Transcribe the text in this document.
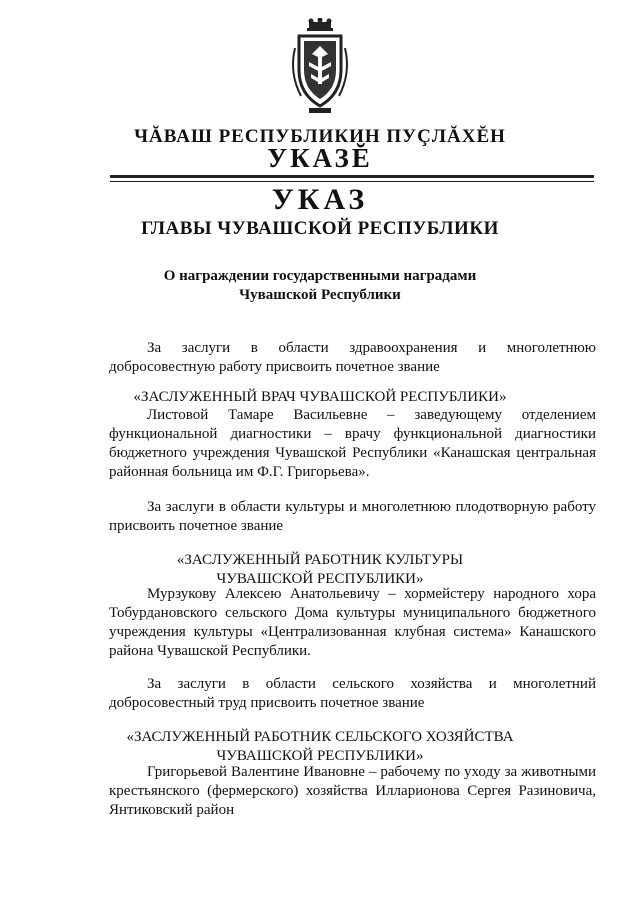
ЧĂВАШ РЕСПУБЛИКИН ПУÇЛĂХĔН
УКАЗĔ
УКАЗ
ГЛАВЫ ЧУВАШСКОЙ РЕСПУБЛИКИ
О награждении государственными наградами
Чувашской Республики
За заслуги в области здравоохранения и многолетнюю добросовестную работу присвоить почетное звание
«ЗАСЛУЖЕННЫЙ ВРАЧ ЧУВАШСКОЙ РЕСПУБЛИКИ»
Листовой Тамаре Васильевне – заведующему отделением функциональной диагностики – врачу функциональной диагностики бюджетного учреждения Чувашской Республики «Канашская центральная районная больница им Ф.Г. Григорьева».
За заслуги в области культуры и многолетнюю плодотворную работу присвоить почетное звание
«ЗАСЛУЖЕННЫЙ РАБОТНИК КУЛЬТУРЫ
ЧУВАШСКОЙ РЕСПУБЛИКИ»
Мурзукову Алексею Анатольевичу – хормейстеру народного хора Тобурдановского сельского Дома культуры муниципального бюджетного учреждения культуры «Централизованная клубная система» Канашского района Чувашской Республики.
За заслуги в области сельского хозяйства и многолетний добросовестный труд присвоить почетное звание
«ЗАСЛУЖЕННЫЙ РАБОТНИК СЕЛЬСКОГО ХОЗЯЙСТВА
ЧУВАШСКОЙ РЕСПУБЛИКИ»
Григорьевой Валентине Ивановне – рабочему по уходу за животными крестьянского (фермерского) хозяйства Илларионова Сергея Разиновича, Янтиковский район
